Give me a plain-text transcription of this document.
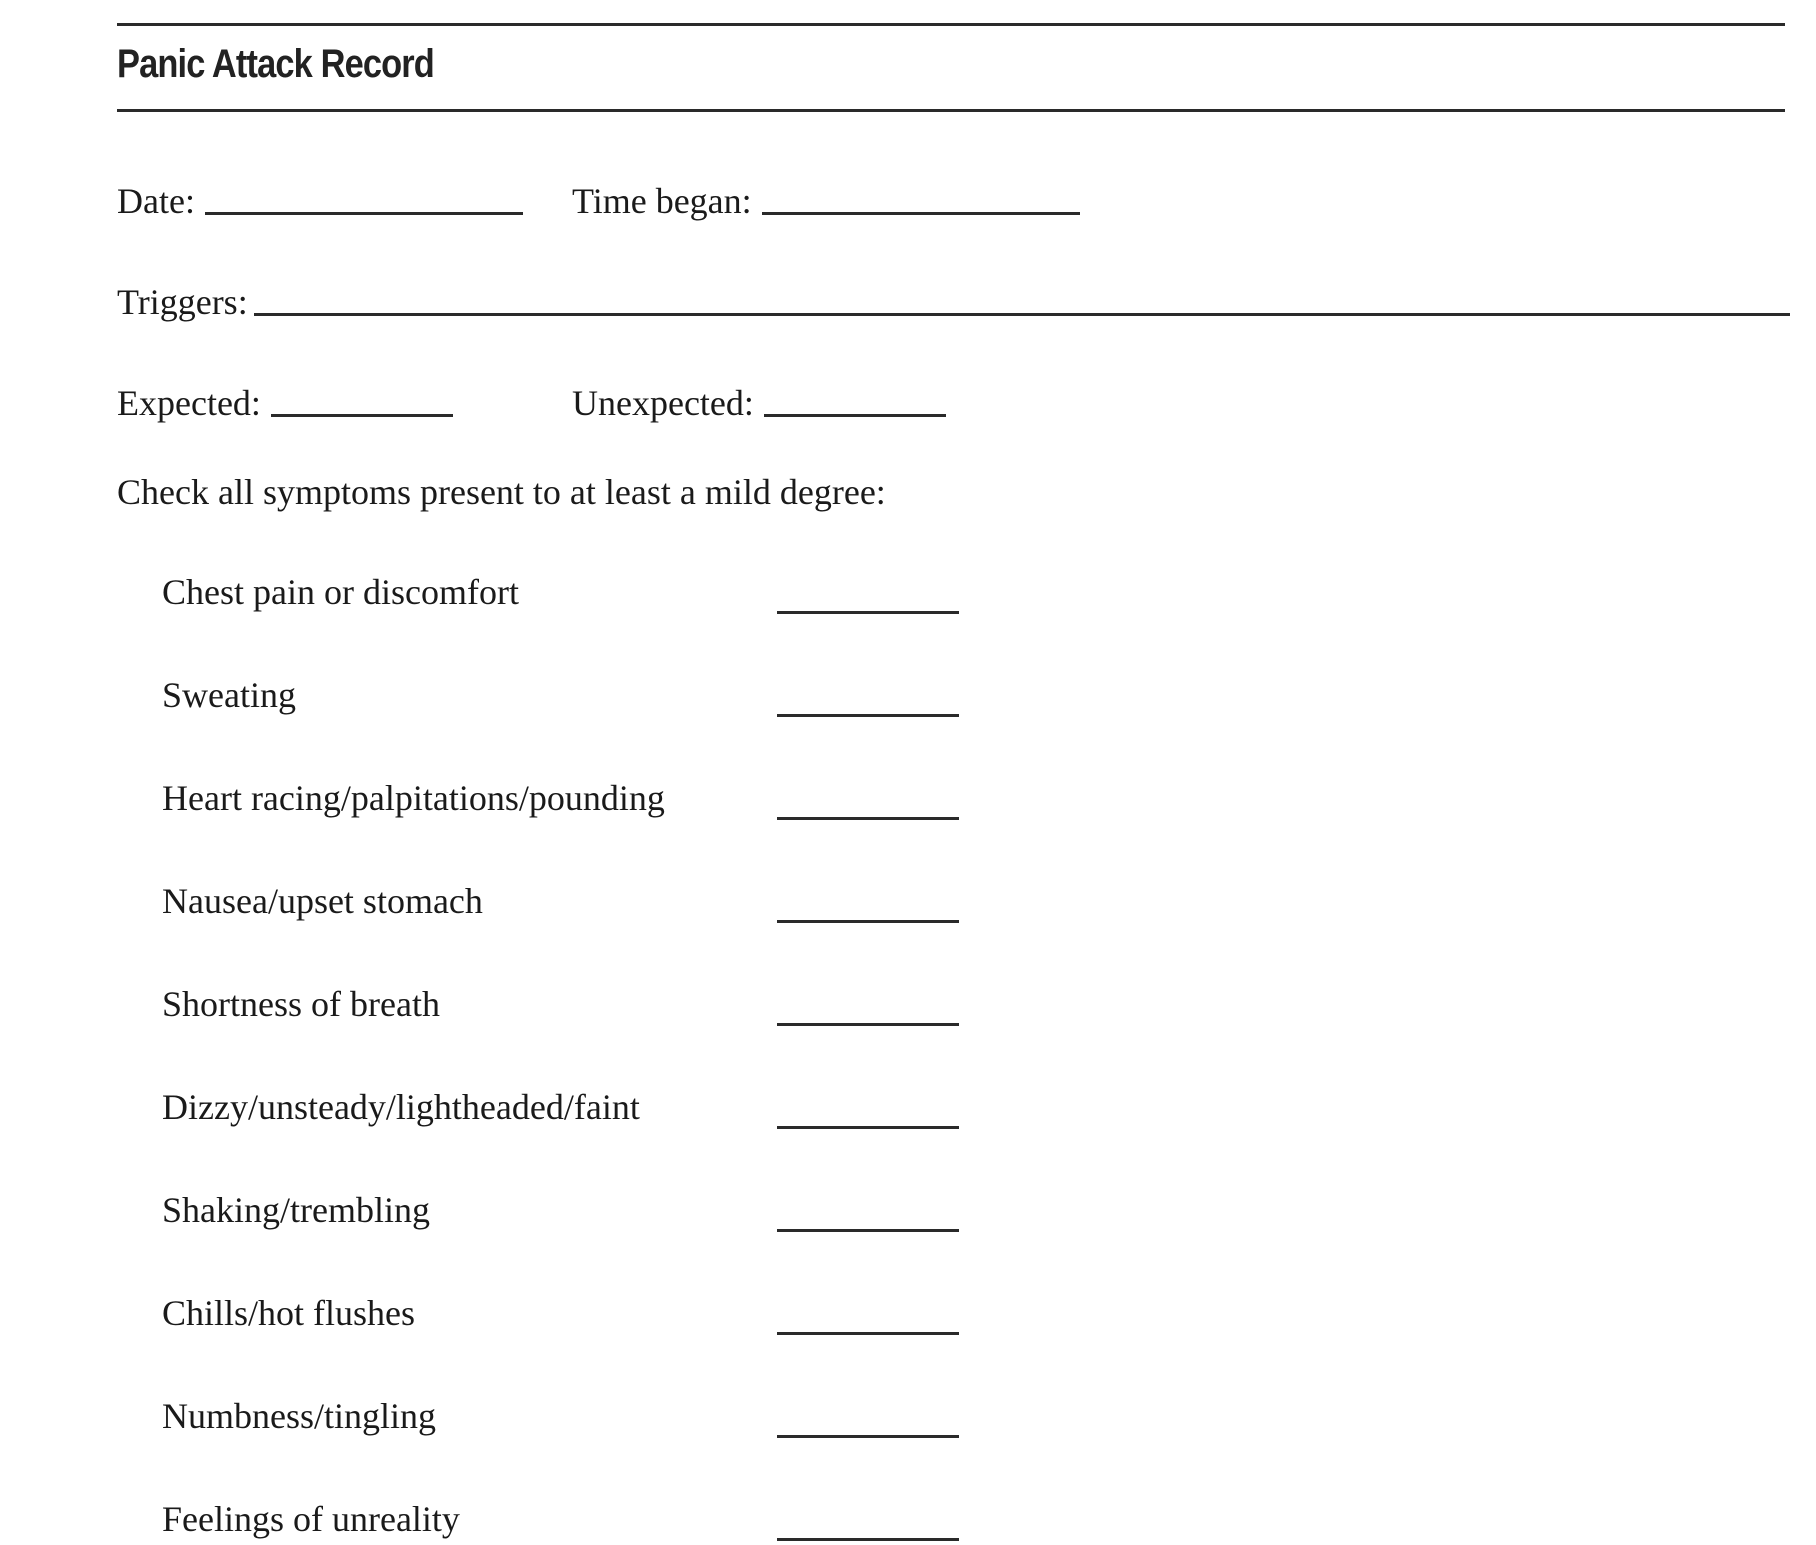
Panic Attack Record
Date:	Time began:
Triggers:
Expected:	Unexpected:
Check all symptoms present to at least a mild degree:
Chest pain or discomfort
Sweating
Heart racing/palpitations/pounding
Nausea/upset stomach
Shortness of breath
Dizzy/unsteady/lightheaded/faint
Shaking/trembling
Chills/hot flushes
Numbness/tingling
Feelings of unreality
